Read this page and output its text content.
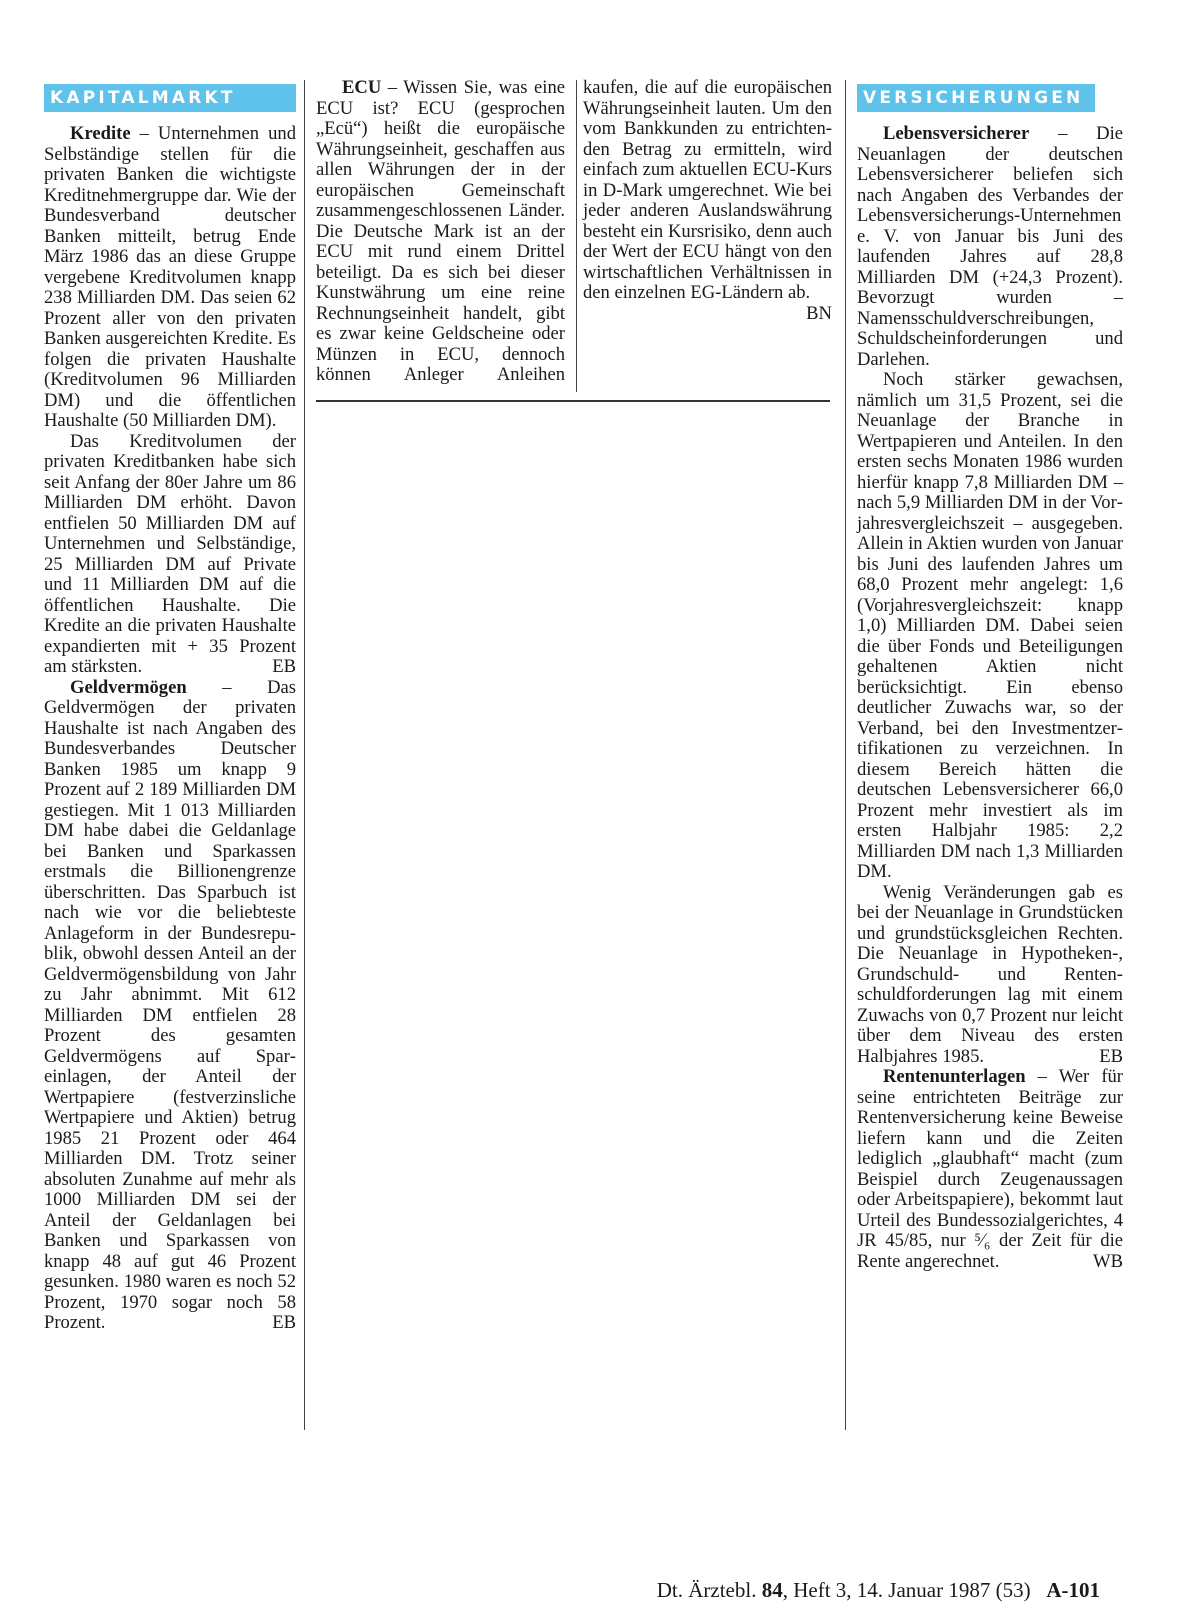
KAPITALMARKT

Kredite – Unternehmen und Selbständige stellen für die privaten Banken die wichtigste Kreditnehmergruppe dar. Wie der Bundesverband deutscher Banken mitteilt, betrug Ende März 1986 das an diese Gruppe vergebene Kreditvolumen knapp 238 Milliarden DM. Das seien 62 Prozent aller von den privaten Banken ausgereichten Kredite. Es folgen die privaten Haushalte (Kreditvolumen 96 Milliarden DM) und die öffentlichen Haushalte (50 Milliarden DM).

Das Kreditvolumen der privaten Kreditbanken habe sich seit Anfang der 80er Jahre um 86 Milliarden DM erhöht. Davon entfielen 50 Milliarden DM auf Unternehmen und Selbständige, 25 Milliarden DM auf Private und 11 Milliarden DM auf die öffentlichen Haushalte. Die Kredite an die privaten Haushalte expandierten mit + 35 Prozent am stärksten.	EB

Geldvermögen – Das Geldvermögen der privaten Haushalte ist nach Angaben des Bundesverbandes Deutscher Banken 1985 um knapp 9 Prozent auf 2 189 Milliarden DM gestiegen. Mit 1 013 Milliarden DM habe dabei die Geldanlage bei Banken und Sparkassen erstmals die Billionengrenze überschritten. Das Sparbuch ist nach wie vor die beliebteste Anlageform in der Bundesrepublik, obwohl dessen Anteil an der Geldvermögensbildung von Jahr zu Jahr abnimmt. Mit 612 Milliarden DM entfielen 28 Prozent des gesamten Geldvermögens auf Spareinlagen, der Anteil der Wertpapiere (festverzinsliche Wertpapiere und Aktien) betrug 1985 21 Prozent oder 464 Milliarden DM. Trotz seiner absoluten Zunahme auf mehr als 1000 Milliarden DM sei der Anteil der Geldanlagen bei Banken und Sparkassen von knapp 48 auf gut 46 Prozent gesunken. 1980 waren es noch 52 Prozent, 1970 sogar noch 58 Prozent.	EB

ECU – Wissen Sie, was eine ECU ist? ECU (gesprochen „Ecü“) heißt die europäische Währungseinheit, geschaffen aus allen Währungen der in der europäischen Gemeinschaft zusammengeschlossenen Länder. Die Deutsche Mark ist an der ECU mit rund einem Drittel beteiligt. Da es sich bei dieser Kunstwährung um eine reine Rechnungseinheit handelt, gibt es zwar keine Geldscheine oder Münzen in ECU, dennoch können Anleger Anleihen kaufen, die auf die europäischen Währungseinheit lauten. Um den vom Bankkunden zu entrichtenden Betrag zu ermitteln, wird einfach zum aktuellen ECU-Kurs in D-Mark umgerechnet. Wie bei jeder anderen Auslandswährung besteht ein Kursrisiko, denn auch der Wert der ECU hängt von den wirtschaftlichen Verhältnissen in den einzelnen EG-Ländern ab.
BN

VERSICHERUNGEN

Lebensversicherer – Die Neuanlagen der deutschen Lebensversicherer beliefen sich nach Angaben des Verbandes der Lebensversicherungs-Unternehmen e. V. von Januar bis Juni des laufenden Jahres auf 28,8 Milliarden DM (+24,3 Prozent). Bevorzugt wurden – Namensschuldverschreibungen, Schuldscheinforderungen und Darlehen.

Noch stärker gewachsen, nämlich um 31,5 Prozent, sei die Neuanlage der Branche in Wertpapieren und Anteilen. In den ersten sechs Monaten 1986 wurden hierfür knapp 7,8 Milliarden DM – nach 5,9 Milliarden DM in der Vorjahresvergleichszeit – ausgegeben. Allein in Aktien wurden von Januar bis Juni des laufenden Jahres um 68,0 Prozent mehr angelegt: 1,6 (Vorjahresvergleichszeit: knapp 1,0) Milliarden DM. Dabei seien die über Fonds und Beteiligungen gehaltenen Aktien nicht berücksichtigt. Ein ebenso deutlicher Zuwachs war, so der Verband, bei den Investmentzertifikationen zu verzeichnen. In diesem Bereich hätten die deutschen Lebensversicherer 66,0 Prozent mehr investiert als im ersten Halbjahr 1985: 2,2 Milliarden DM nach 1,3 Milliarden DM.

Wenig Veränderungen gab es bei der Neuanlage in Grundstücken und grundstücksgleichen Rechten. Die Neuanlage in Hypotheken-, Grundschuld- und Rentenschuldforderungen lag mit einem Zuwachs von 0,7 Prozent nur leicht über dem Niveau des ersten Halbjahres 1985.	EB

Rentenunterlagen – Wer für seine entrichteten Beiträge zur Rentenversicherung keine Beweise liefern kann und die Zeiten lediglich „glaubhaft“ macht (zum Beispiel durch Zeugenaussagen oder Arbeitspapiere), bekommt laut Urteil des Bundessozialgerichtes, 4 JR 45/85, nur ⁵⁄₆ der Zeit für die Rente angerechnet.	WB

Dt. Ärztebl. 84, Heft 3, 14. Januar 1987 (53) A-101
